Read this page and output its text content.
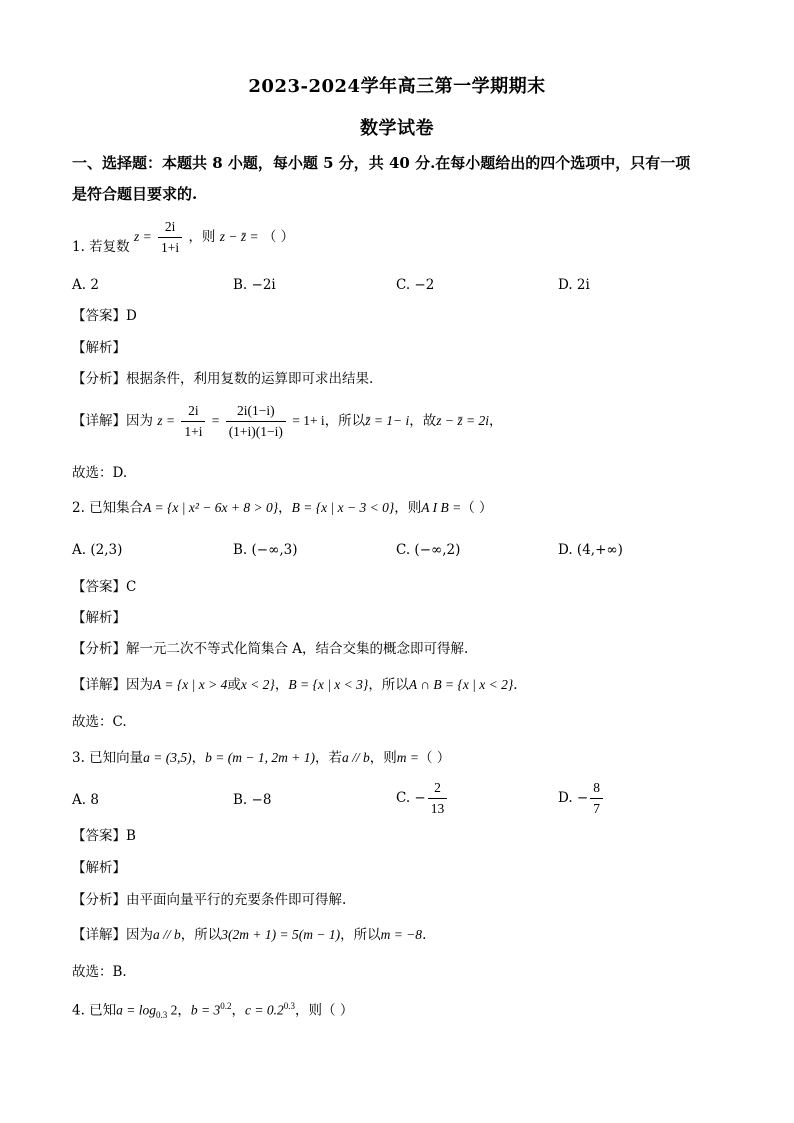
2023-2024学年高三第一学期期末
数学试卷
一、选择题：本题共 8 小题，每小题 5 分，共 40 分.在每小题给出的四个选项中，只有一项
是符合题目要求的.
1. 若复数 $z = \frac{2i}{1+i}$ ，则 z − z̄ = （ ）
A. 2	B. −2i	C. −2	D. 2i
【答案】D
【解析】
【分析】根据条件，利用复数的运算即可求出结果.
【详解】因为 $z = \frac{2i}{1+i} = \frac{2i(1-i)}{(1+i)(1-i)} = 1+ i$，所以z̄ = 1− i，故z − z̄ = 2i，
故选：D.
2. 已知集合A = {x | x² − 6x + 8 > 0}，B = {x | x − 3 < 0}，则A I B =（ ）
A. (2,3)	B. (−∞,3)	C. (−∞,2)	D. (4,+∞)
【答案】C
【解析】
【分析】解一元二次不等式化简集合 A，结合交集的概念即可得解.
【详解】因为A = {x | x > 4或x < 2}，B = {x | x < 3}，所以A ∩ B = {x | x < 2}.
故选：C.
3. 已知向量a = (3,5)，b = (m − 1, 2m + 1)，若a // b，则m =（ ）
A. 8	B. −8	C. − $\frac{2}{13}$	D. − $\frac{8}{7}$
【答案】B
【解析】
【分析】由平面向量平行的充要条件即可得解.
【详解】因为a // b，所以3(2m + 1) = 5(m − 1)，所以m = −8.
故选：B.
4. 已知$a = \log_{0.3} 2$，$b = 3^{0.2}$，$c = 0.2^{0.3}$，则（ ）
